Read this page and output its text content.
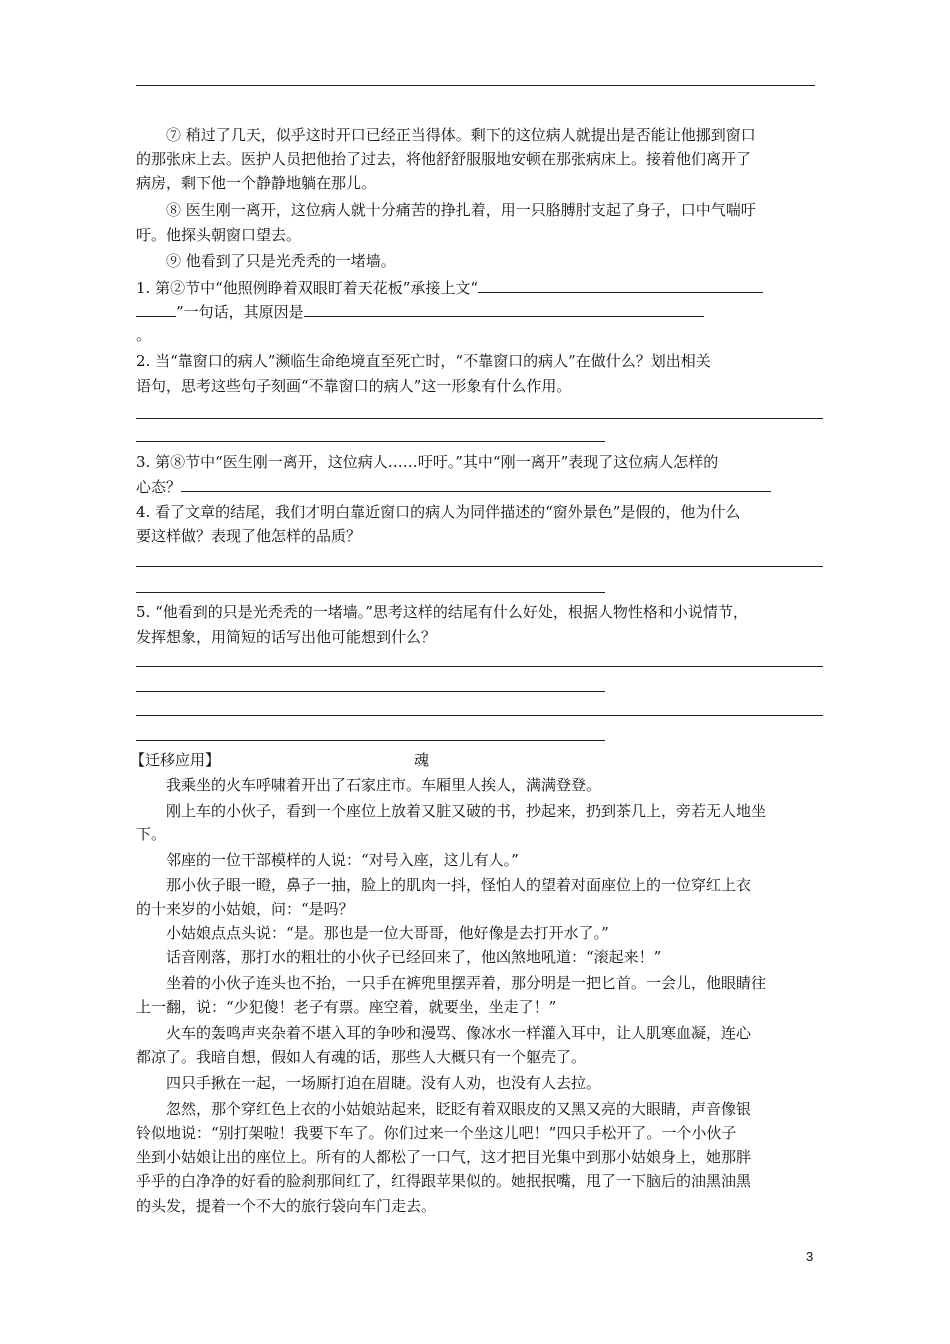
⑦ 稍过了几天，似乎这时开口已经正当得体。剩下的这位病人就提出是否能让他挪到窗口
的那张床上去。医护人员把他抬了过去，将他舒舒服服地安顿在那张病床上。接着他们离开了
病房，剩下他一个静静地躺在那儿。
⑧ 医生刚一离开，这位病人就十分痛苦的挣扎着，用一只胳膊肘支起了身子，口中气喘吁
吁。他探头朝窗口望去。
⑨ 他看到了只是光秃秃的一堵墙。
1. 第②节中“他照例睁着双眼盯着天花板”承接上文“
”一句话，其原因是
。
2. 当“靠窗口的病人”濒临生命绝境直至死亡时，“不靠窗口的病人”在做什么？划出相关
语句，思考这些句子刻画“不靠窗口的病人”这一形象有什么作用。
3. 第⑧节中“医生刚一离开，这位病人……吁吁。”其中“刚一离开”表现了这位病人怎样的
心态？
4. 看了文章的结尾，我们才明白靠近窗口的病人为同伴描述的“窗外景色”是假的，他为什么
要这样做？表现了他怎样的品质？
5. “他看到的只是光秃秃的一堵墙。”思考这样的结尾有什么好处，根据人物性格和小说情节，
发挥想象，用简短的话写出他可能想到什么？
【迁移应用】	魂
我乘坐的火车呼啸着开出了石家庄市。车厢里人挨人，满满登登。
刚上车的小伙子，看到一个座位上放着又脏又破的书，抄起来，扔到茶几上，旁若无人地坐
下。
邻座的一位干部模样的人说：“对号入座，这儿有人。”
那小伙子眼一瞪，鼻子一抽，脸上的肌肉一抖，怪怕人的望着对面座位上的一位穿红上衣
的十来岁的小姑娘，问：“是吗？
小姑娘点点头说：“是。那也是一位大哥哥，他好像是去打开水了。”
话音刚落，那打水的粗壮的小伙子已经回来了，他凶煞地吼道：“滚起来！”
坐着的小伙子连头也不抬，一只手在裤兜里摆弄着，那分明是一把匕首。一会儿，他眼睛往
上一翻，说：“少犯傻！老子有票。座空着，就要坐，坐走了！”
火车的轰鸣声夹杂着不堪入耳的争吵和漫骂、像冰水一样灌入耳中，让人肌寒血凝，连心
都凉了。我暗自想，假如人有魂的话，那些人大概只有一个躯壳了。
四只手揪在一起，一场厮打迫在眉睫。没有人劝，也没有人去拉。
忽然，那个穿红色上衣的小姑娘站起来，眨眨有着双眼皮的又黑又亮的大眼睛，声音像银
铃似地说：“别打架啦！我要下车了。你们过来一个坐这儿吧！”四只手松开了。一个小伙子
坐到小姑娘让出的座位上。所有的人都松了一口气，这才把目光集中到那小姑娘身上，她那胖
乎乎的白净净的好看的脸刹那间红了，红得跟苹果似的。她抿抿嘴，甩了一下脑后的油黑油黑
的头发，提着一个不大的旅行袋向车门走去。
3
